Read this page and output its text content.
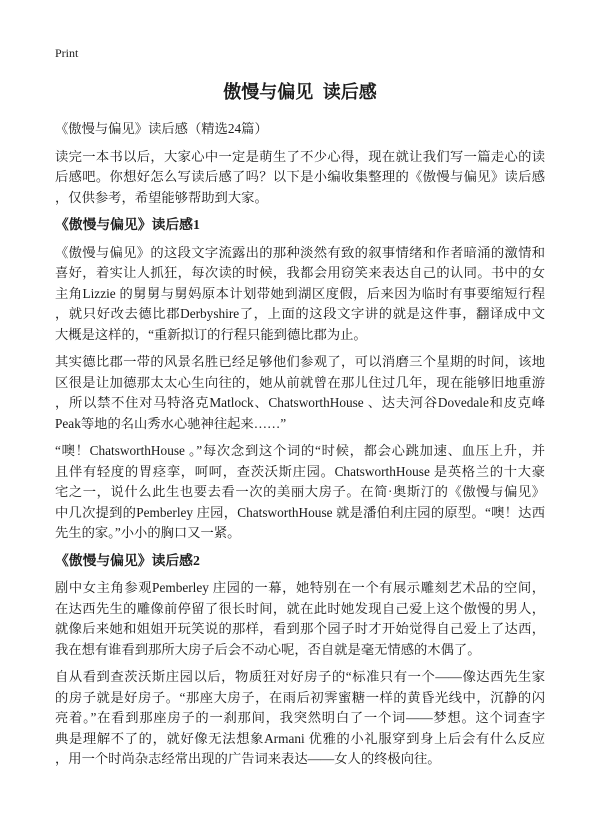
Print
傲慢与偏见 读后感
《傲慢与偏见》读后感（精选24篇）
读完一本书以后，大家心中一定是萌生了不少心得，现在就让我们写一篇走心的读
后感吧。你想好怎么写读后感了吗？以下是小编收集整理的《傲慢与偏见》读后感
，仅供参考，希望能够帮助到大家。
《傲慢与偏见》读后感1
《傲慢与偏见》的这段文字流露出的那种淡然有致的叙事情绪和作者暗涌的激情和
喜好，着实让人抓狂，每次读的时候，我都会用窃笑来表达自己的认同。书中的女
主角Lizzie 的舅舅与舅妈原本计划带她到湖区度假，后来因为临时有事要缩短行程
，就只好改去德比郡Derbyshire了，上面的这段文字讲的就是这件事，翻译成中文
大概是这样的，“重新拟订的行程只能到德比郡为止。
其实德比郡一带的风景名胜已经足够他们参观了，可以消磨三个星期的时间，该地
区很是让加德那太太心生向往的，她从前就曾在那儿住过几年，现在能够旧地重游
，所以禁不住对马特洛克Matlock、ChatsworthHouse 、达夫河谷Dovedale和皮克峰
Peak等地的名山秀水心驰神往起来……”
“噢！ChatsworthHouse 。”每次念到这个词的“时候，都会心跳加速、血压上升，并
且伴有轻度的胃痉挛，呵呵，查茨沃斯庄园。ChatsworthHouse 是英格兰的十大豪
宅之一，说什么此生也要去看一次的美丽大房子。在简·奥斯汀的《傲慢与偏见》
中几次提到的Pemberley 庄园，ChatsworthHouse 就是潘伯利庄园的原型。“噢！达西
先生的家。”小小的胸口又一紧。
《傲慢与偏见》读后感2
剧中女主角参观Pemberley 庄园的一幕，她特别在一个有展示雕刻艺术品的空间，
在达西先生的雕像前停留了很长时间，就在此时她发现自己爱上这个傲慢的男人，
就像后来她和姐姐开玩笑说的那样，看到那个园子时才开始觉得自己爱上了达西，
我在想有谁看到那所大房子后会不动心呢，否自就是毫无情感的木偶了。
自从看到查茨沃斯庄园以后，物质狂对好房子的“标准只有一个——像达西先生家
的房子就是好房子。“那座大房子，在雨后初霁蜜糖一样的黄昏光线中，沉静的闪
亮着。”在看到那座房子的一刹那间，我突然明白了一个词——梦想。这个词查字
典是理解不了的，就好像无法想象Armani 优雅的小礼服穿到身上后会有什么反应
，用一个时尚杂志经常出现的广告词来表达——女人的终极向往。
